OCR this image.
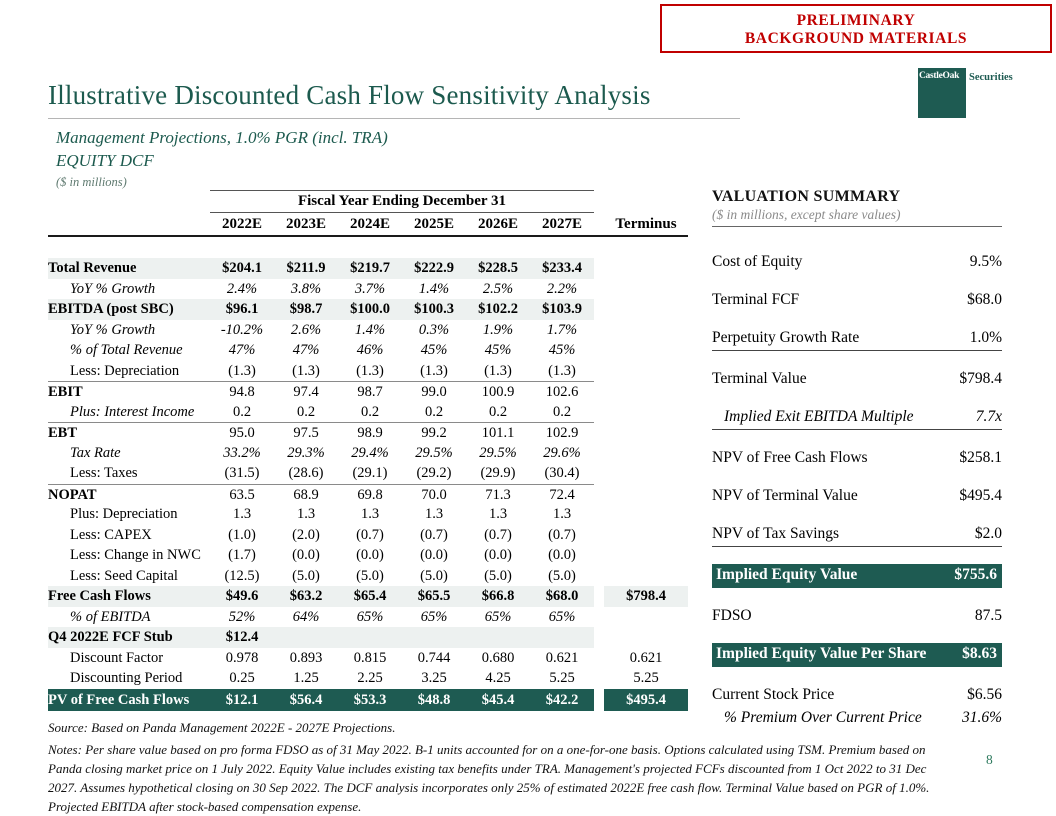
PRELIMINARY
BACKGROUND MATERIALS
CastleOak Securities
Illustrative Discounted Cash Flow Sensitivity Analysis
Management Projections, 1.0% PGR (incl. TRA)
EQUITY DCF
($ in millions)
Fiscal Year Ending December 31
2022E	2023E	2024E	2025E	2026E	2027E	Terminus
Total Revenue	$204.1	$211.9	$219.7	$222.9	$228.5	$233.4
YoY % Growth	2.4%	3.8%	3.7%	1.4%	2.5%	2.2%
EBITDA (post SBC)	$96.1	$98.7	$100.0	$100.3	$102.2	$103.9
YoY % Growth	-10.2%	2.6%	1.4%	0.3%	1.9%	1.7%
% of Total Revenue	47%	47%	46%	45%	45%	45%
Less: Depreciation	(1.3)	(1.3)	(1.3)	(1.3)	(1.3)	(1.3)
EBIT	94.8	97.4	98.7	99.0	100.9	102.6
Plus: Interest Income	0.2	0.2	0.2	0.2	0.2	0.2
EBT	95.0	97.5	98.9	99.2	101.1	102.9
Tax Rate	33.2%	29.3%	29.4%	29.5%	29.5%	29.6%
Less: Taxes	(31.5)	(28.6)	(29.1)	(29.2)	(29.9)	(30.4)
NOPAT	63.5	68.9	69.8	70.0	71.3	72.4
Plus: Depreciation	1.3	1.3	1.3	1.3	1.3	1.3
Less: CAPEX	(1.0)	(2.0)	(0.7)	(0.7)	(0.7)	(0.7)
Less: Change in NWC	(1.7)	(0.0)	(0.0)	(0.0)	(0.0)	(0.0)
Less: Seed Capital	(12.5)	(5.0)	(5.0)	(5.0)	(5.0)	(5.0)
Free Cash Flows	$49.6	$63.2	$65.4	$65.5	$66.8	$68.0	$798.4
% of EBITDA	52%	64%	65%	65%	65%	65%
Q4 2022E FCF Stub	$12.4
Discount Factor	0.978	0.893	0.815	0.744	0.680	0.621	0.621
Discounting Period	0.25	1.25	2.25	3.25	4.25	5.25	5.25
PV of Free Cash Flows	$12.1	$56.4	$53.3	$48.8	$45.4	$42.2	$495.4
VALUATION SUMMARY
($ in millions, except share values)
Cost of Equity	9.5%
Terminal FCF	$68.0
Perpetuity Growth Rate	1.0%
Terminal Value	$798.4
Implied Exit EBITDA Multiple	7.7x
NPV of Free Cash Flows	$258.1
NPV of Terminal Value	$495.4
NPV of Tax Savings	$2.0
Implied Equity Value	$755.6
FDSO	87.5
Implied Equity Value Per Share $8.63
Current Stock Price	$6.56
% Premium Over Current Price	31.6%
Source: Based on Panda Management 2022E - 2027E Projections.
Notes: Per share value based on pro forma FDSO as of 31 May 2022. B-1 units accounted for on a one-for-one basis. Options calculated using TSM. Premium based on Panda closing market price on 1 July 2022. Equity Value includes existing tax benefits under TRA. Management's projected FCFs discounted from 1 Oct 2022 to 31 Dec 2027. Assumes hypothetical closing on 30 Sep 2022. The DCF analysis incorporates only 25% of estimated 2022E free cash flow. Terminal Value based on PGR of 1.0%. Projected EBITDA after stock-based compensation expense.
8
